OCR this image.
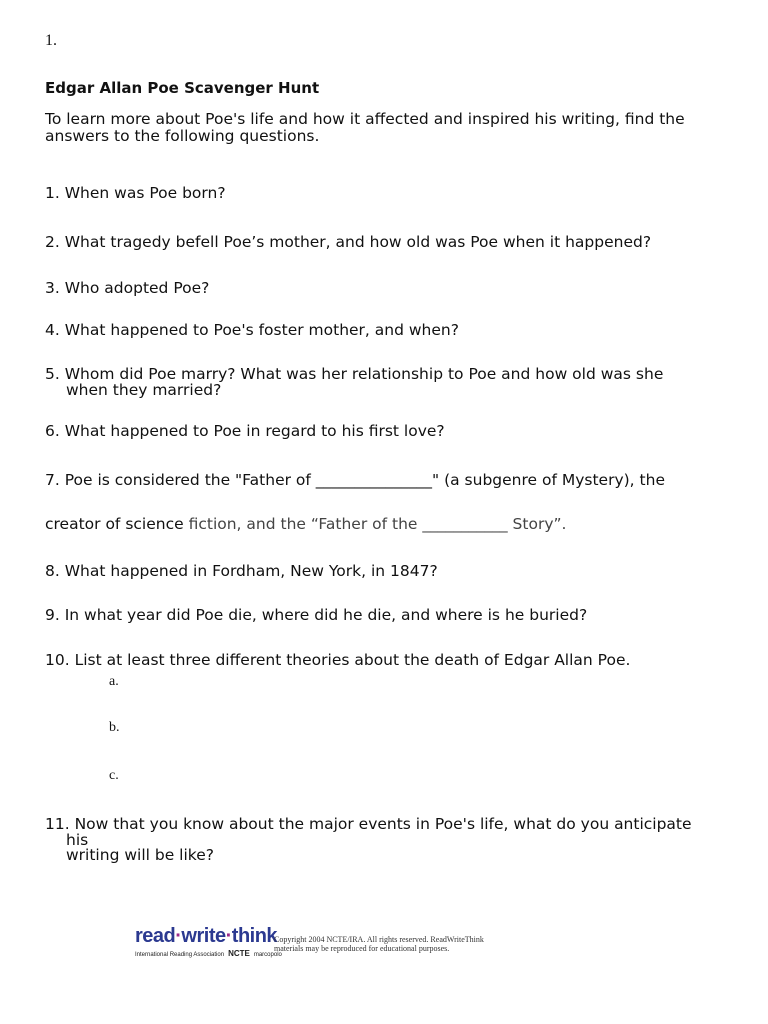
1.
Edgar Allan Poe Scavenger Hunt
To learn more about Poe's life and how it affected and inspired his writing, find the answers to the following questions.
1. When was Poe born?
2. What tragedy befell Poe’s mother, and how old was Poe when it happened?
3. Who adopted Poe?
4. What happened to Poe's foster mother, and when?
5. Whom did Poe marry? What was her relationship to Poe and how old was she
when they married?
6. What happened to Poe in regard to his first love?
7. Poe is considered the "Father of _______________" (a subgenre of Mystery), the
creator of science fiction, and the “Father of the ___________ Story”.
8. What happened in Fordham, New York, in 1847?
9. In what year did Poe die, where did he die, and where is he buried?
10. List at least three different theories about the death of Edgar Allan Poe.
a.
b.
c.
11. Now that you know about the major events in Poe's life, what do you anticipate
his
writing will be like?
read·write·think
International Reading Association NCTE marcopolo
Copyright 2004 NCTE/IRA. All rights reserved. ReadWriteThink materials may be reproduced for educational purposes.
